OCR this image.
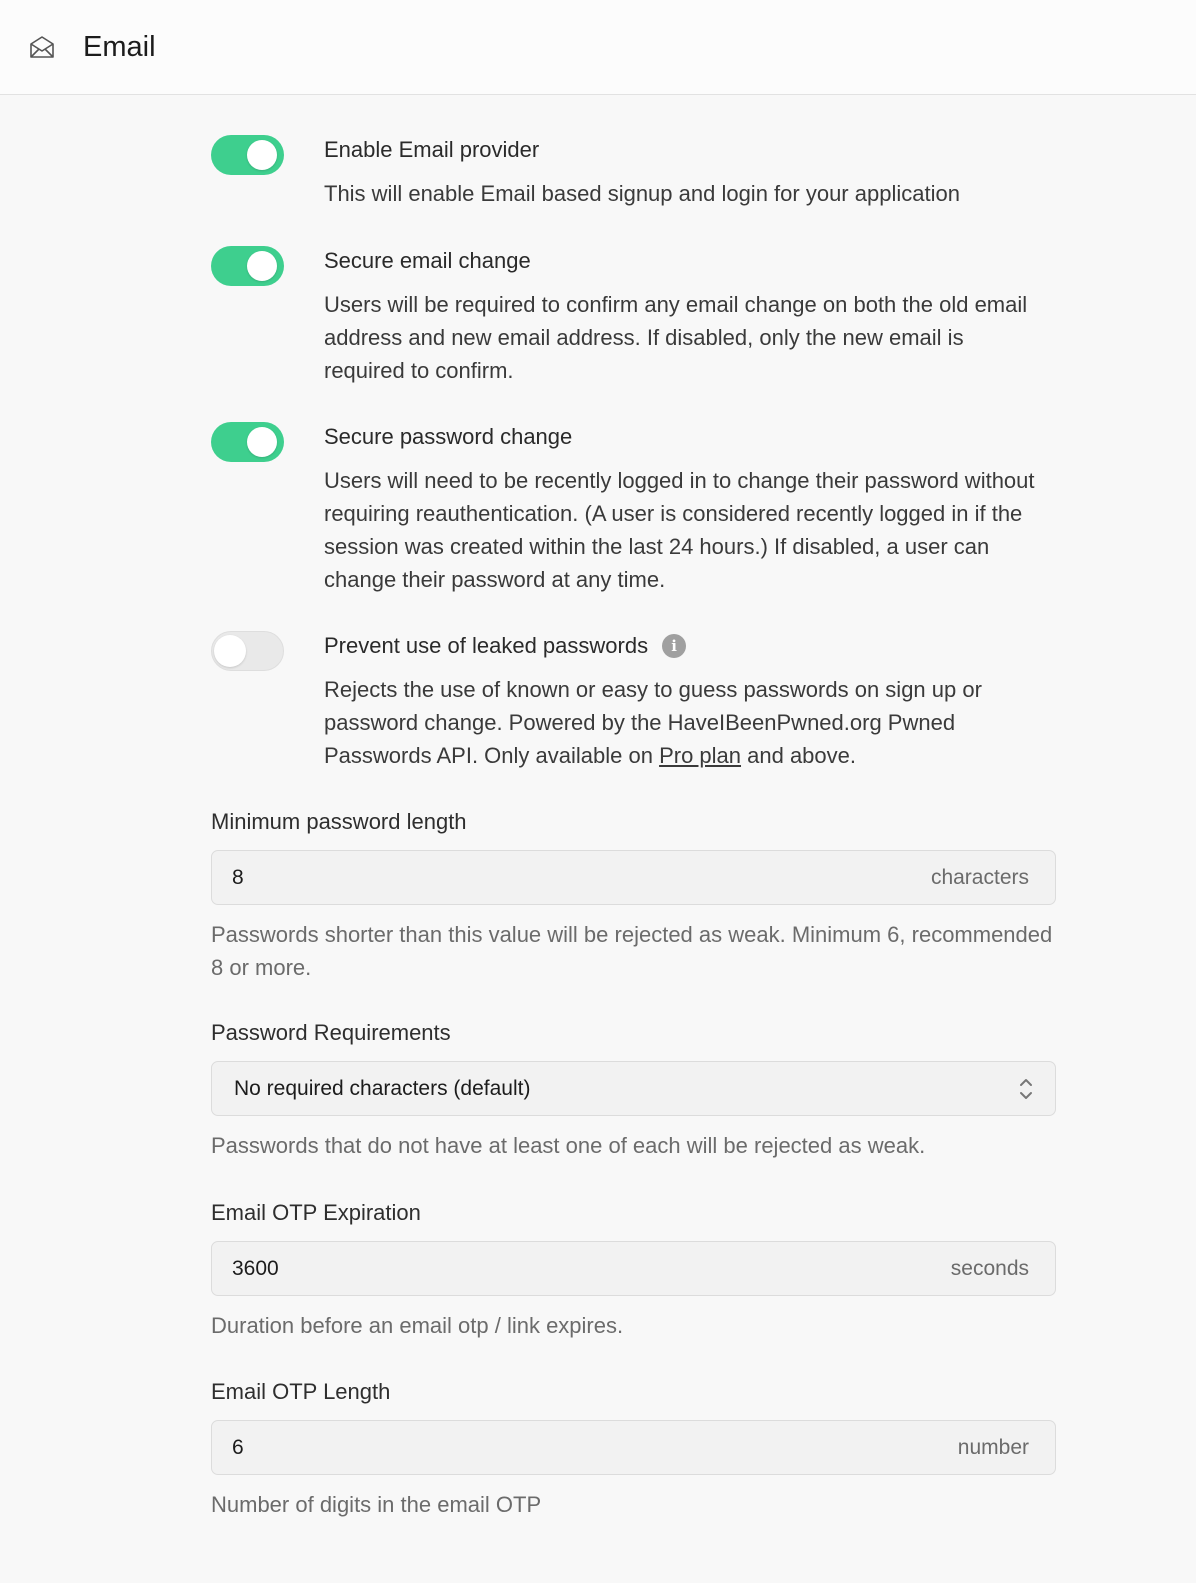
Email
Enable Email provider
This will enable Email based signup and login for your application
Secure email change
Users will be required to confirm any email change on both the old email address and new email address. If disabled, only the new email is required to confirm.
Secure password change
Users will need to be recently logged in to change their password without requiring reauthentication. (A user is considered recently logged in if the session was created within the last 24 hours.) If disabled, a user can change their password at any time.
Prevent use of leaked passwords	i
Rejects the use of known or easy to guess passwords on sign up or password change. Powered by the HaveIBeenPwned.org Pwned Passwords API. Only available on Pro plan and above.
Minimum password length
8	characters
Passwords shorter than this value will be rejected as weak. Minimum 6, recommended 8 or more.
Password Requirements
No required characters (default)
Passwords that do not have at least one of each will be rejected as weak.
Email OTP Expiration
3600	seconds
Duration before an email otp / link expires.
Email OTP Length
6	number
Number of digits in the email OTP
